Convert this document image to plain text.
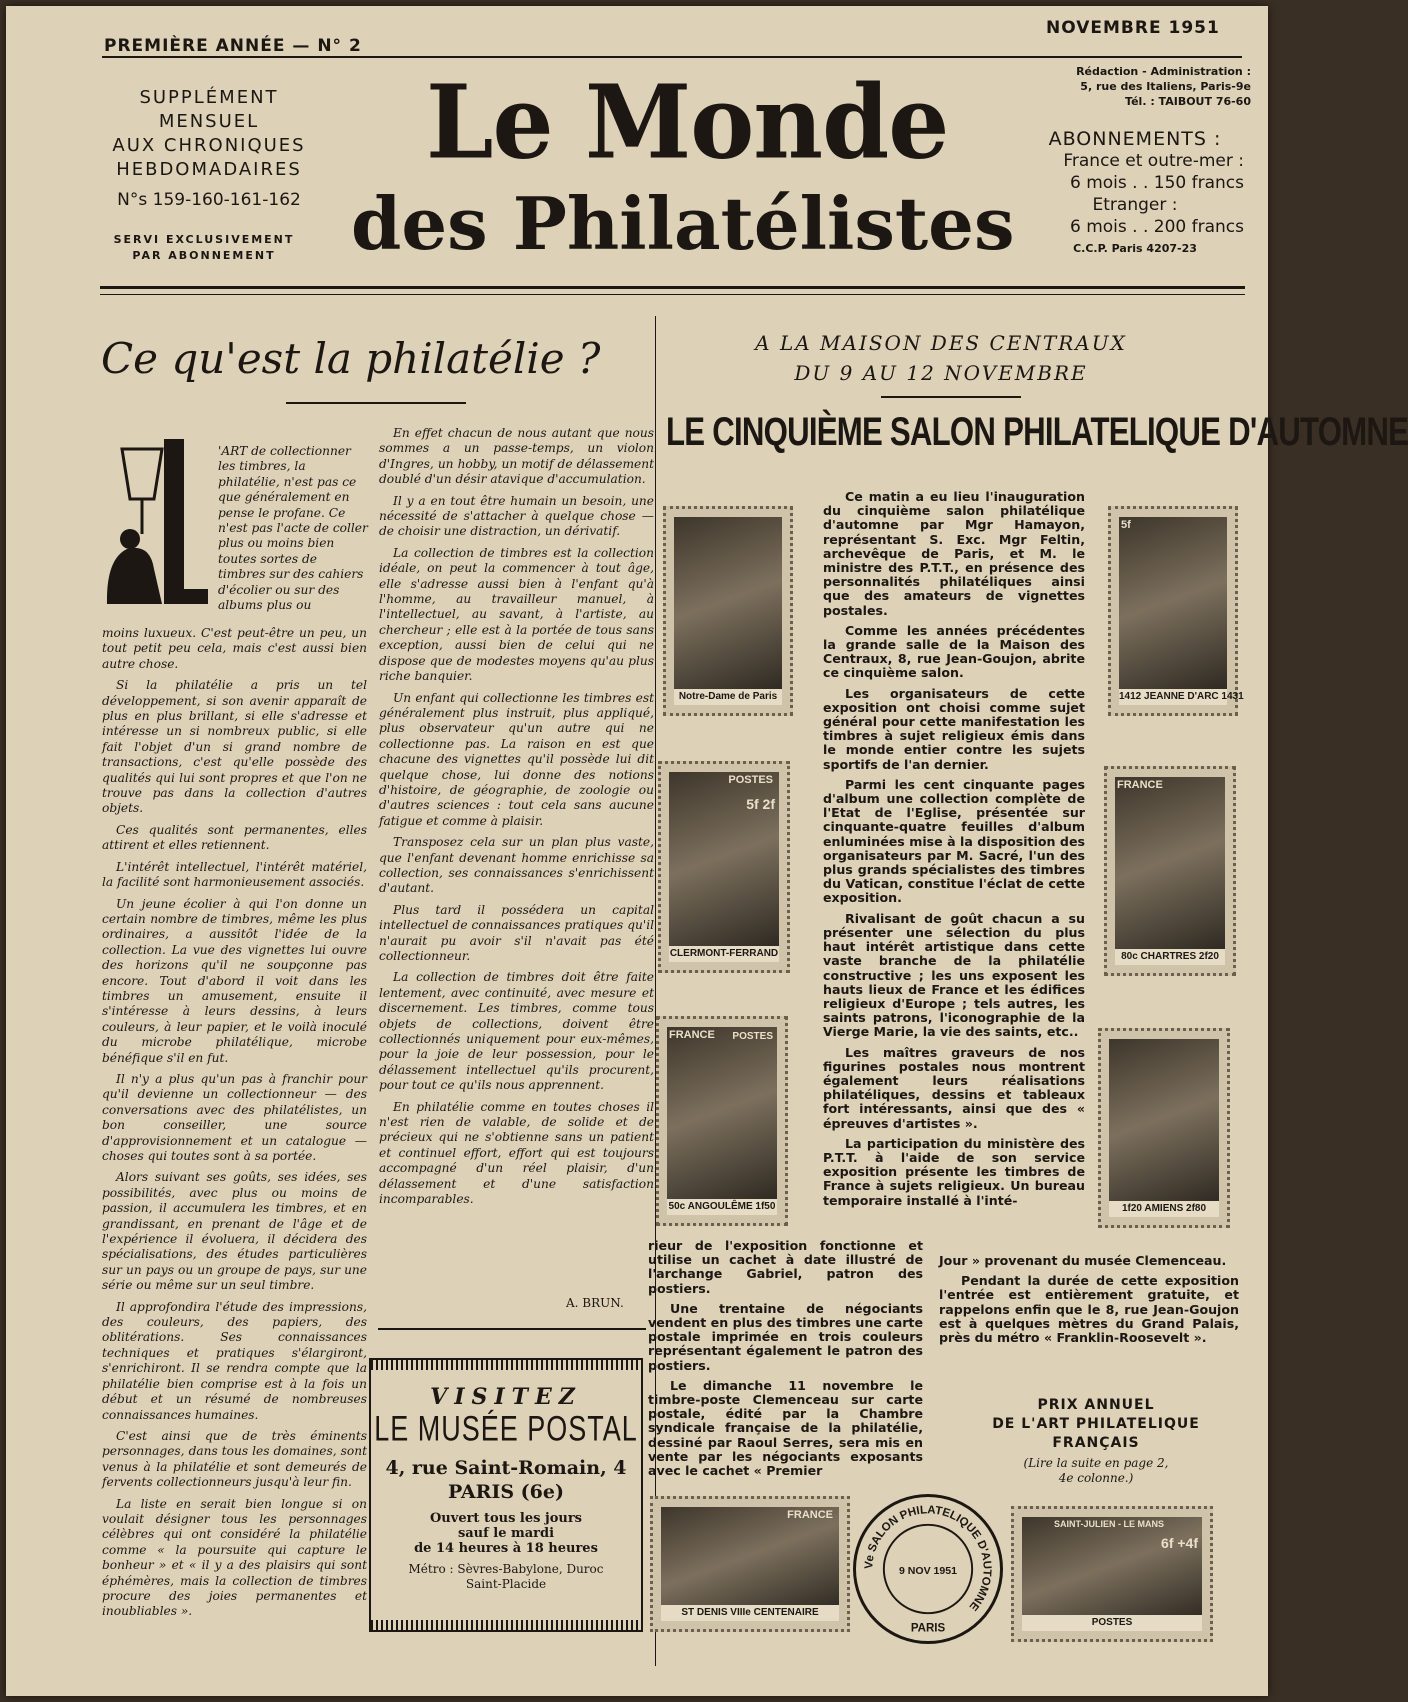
PREMIÈRE ANNÉE — N° 2
NOVEMBRE 1951
SUPPLÉMENT
MENSUEL
AUX CHRONIQUES
HEBDOMADAIRES
N°s 159-160-161-162
SERVI EXCLUSIVEMENT
PAR ABONNEMENT
Le Monde
des Philatélistes
Rédaction - Administration :
5, rue des Italiens, Paris-9e
Tél. : TAIBOUT 76-60
ABONNEMENTS :
France et outre-mer :
6 mois . . 150 francs
Etranger :
6 mois . . 200 francs
C.C.P. Paris 4207-23
Ce qu'est la philatélie ?
'ART de collectionner les timbres, la philatélie, n'est pas ce que généralement en pense le profane. Ce n'est pas l'acte de coller plus ou moins bien toutes sortes de timbres sur des cahiers d'écolier ou sur des albums plus ou

moins luxueux. C'est peut-être un peu, un tout petit peu cela, mais c'est aussi bien autre chose.

Si la philatélie a pris un tel développement, si son avenir apparaît de plus en plus brillant, si elle s'adresse et intéresse un si nombreux public, si elle fait l'objet d'un si grand nombre de transactions, c'est qu'elle possède des qualités qui lui sont propres et que l'on ne trouve pas dans la collection d'autres objets.

Ces qualités sont permanentes, elles attirent et elles retiennent.

L'intérêt intellectuel, l'intérêt matériel, la facilité sont harmonieusement associés.

Un jeune écolier à qui l'on donne un certain nombre de timbres, même les plus ordinaires, a aussitôt l'idée de la collection. La vue des vignettes lui ouvre des horizons qu'il ne soupçonne pas encore. Tout d'abord il voit dans les timbres un amusement, ensuite il s'intéresse à leurs dessins, à leurs couleurs, à leur papier, et le voilà inoculé du microbe philatélique, microbe bénéfique s'il en fut.

Il n'y a plus qu'un pas à franchir pour qu'il devienne un collectionneur — des conversations avec des philatélistes, un bon conseiller, une source d'approvisionnement et un catalogue — choses qui toutes sont à sa portée.

Alors suivant ses goûts, ses idées, ses possibilités, avec plus ou moins de passion, il accumulera les timbres, et en grandissant, en prenant de l'âge et de l'expérience il évoluera, il décidera des spécialisations, des études particulières sur un pays ou un groupe de pays, sur une série ou même sur un seul timbre.

Il approfondira l'étude des impressions, des couleurs, des papiers, des oblitérations. Ses connaissances techniques et pratiques s'élargiront, s'enrichiront. Il se rendra compte que la philatélie bien comprise est à la fois un début et un résumé de nombreuses connaissances humaines.

C'est ainsi que de très éminents personnages, dans tous les domaines, sont venus à la philatélie et sont demeurés de fervents collectionneurs jusqu'à leur fin.

La liste en serait bien longue si on voulait désigner tous les personnages célèbres qui ont considéré la philatélie comme « la poursuite qui capture le bonheur » et « il y a des plaisirs qui sont éphémères, mais la collection de timbres procure des joies permanentes et inoubliables ».

En effet chacun de nous autant que nous sommes a un passe-temps, un violon d'Ingres, un hobby, un motif de délassement doublé d'un désir atavique d'accumulation.

Il y a en tout être humain un besoin, une nécessité de s'attacher à quelque chose — de choisir une distraction, un dérivatif.

La collection de timbres est la collection idéale, on peut la commencer à tout âge, elle s'adresse aussi bien à l'enfant qu'à l'homme, au travailleur manuel, à l'intellectuel, au savant, à l'artiste, au chercheur ; elle est à la portée de tous sans exception, aussi bien de celui qui ne dispose que de modestes moyens qu'au plus riche banquier.

Un enfant qui collectionne les timbres est généralement plus instruit, plus appliqué, plus observateur qu'un autre qui ne collectionne pas. La raison en est que chacune des vignettes qu'il possède lui dit quelque chose, lui donne des notions d'histoire, de géographie, de zoologie ou d'autres sciences : tout cela sans aucune fatigue et comme à plaisir.

Transposez cela sur un plan plus vaste, que l'enfant devenant homme enrichisse sa collection, ses connaissances s'enrichissent d'autant.

Plus tard il possédera un capital intellectuel de connaissances pratiques qu'il n'aurait pu avoir s'il n'avait pas été collectionneur.

La collection de timbres doit être faite lentement, avec continuité, avec mesure et discernement. Les timbres, comme tous objets de collections, doivent être collectionnés uniquement pour eux-mêmes, pour la joie de leur possession, pour le délassement intellectuel qu'ils procurent, pour tout ce qu'ils nous apprennent.

En philatélie comme en toutes choses il n'est rien de valable, de solide et de précieux qui ne s'obtienne sans un patient et continuel effort, effort qui est toujours accompagné d'un réel plaisir, d'un délassement et d'une satisfaction incomparables.

A. BRUN.
VISITEZ
LE MUSÉE POSTAL
4, rue Saint-Romain, 4
PARIS (6e)
Ouvert tous les jours
sauf le mardi
de 14 heures à 18 heures
Métro : Sèvres-Babylone, Duroc
Saint-Placide
A LA MAISON DES CENTRAUX
DU 9 AU 12 NOVEMBRE
LE CINQUIÈME SALON PHILATELIQUE D'AUTOMNE

Ce matin a eu lieu l'inauguration du cinquième salon philatélique d'automne par Mgr Hamayon, représentant S. Exc. Mgr Feltin, archevêque de Paris, et M. le ministre des P.T.T., en présence des personnalités philatéliques ainsi que des amateurs de vignettes postales.

Comme les années précédentes la grande salle de la Maison des Centraux, 8, rue Jean-Goujon, abrite ce cinquième salon.

Les organisateurs de cette exposition ont choisi comme sujet général pour cette manifestation les timbres à sujet religieux émis dans le monde entier contre les sujets sportifs de l'an dernier.

Parmi les cent cinquante pages d'album une collection complète de l'Etat de l'Eglise, présentée sur cinquante-quatre feuilles d'album enluminées mise à la disposition des organisateurs par M. Sacré, l'un des plus grands spécialistes des timbres du Vatican, constitue l'éclat de cette exposition.

Rivalisant de goût chacun a su présenter une sélection du plus haut intérêt artistique dans cette vaste branche de la philatélie constructive ; les uns exposent les hauts lieux de France et les édifices religieux d'Europe ; tels autres, les saints patrons, l'iconographie de la Vierge Marie, la vie des saints, etc..

Les maîtres graveurs de nos figurines postales nous montrent également leurs réalisations philatéliques, dessins et tableaux fort intéressants, ainsi que des « épreuves d'artistes ».

La participation du ministère des P.T.T. à l'aide de son service exposition présente les timbres de France à sujets religieux. Un bureau temporaire installé à l'inté-

rieur de l'exposition fonctionne et utilise un cachet à date illustré de l'archange Gabriel, patron des postiers.

Une trentaine de négociants vendent en plus des timbres une carte postale imprimée en trois couleurs représentant également le patron des postiers.

Le dimanche 11 novembre le timbre-poste Clemenceau sur carte postale, édité par la Chambre syndicale française de la philatélie, dessiné par Raoul Serres, sera mis en vente par les négociants exposants avec le cachet « Premier

Jour » provenant du musée Clemenceau.

Pendant la durée de cette exposition l'entrée est entièrement gratuite, et rappelons enfin que le 8, rue Jean-Goujon est à quelques mètres du Grand Palais, près du métro « Franklin-Roosevelt ».

PRIX ANNUEL
DE L'ART PHILATELIQUE
FRANÇAIS
(Lire la suite en page 2,
4e colonne.)
Notre-Dame de Paris
POSTES
5f 2f
CLERMONT-FERRAND
FRANCE POSTES
50c ANGOULÊME 1f50
5f
1412 JEANNE D'ARC 1431
FRANCE
80c CHARTRES 2f20
1f20 AMIENS 2f80
FRANCE
ST DENIS VIIIe CENTENAIRE
Ve SALON PHILATELIQUE D'AUTOMNE
9 NOV 1951
PARIS
SAINT-JULIEN - LE MANS
6f +4f
POSTES
